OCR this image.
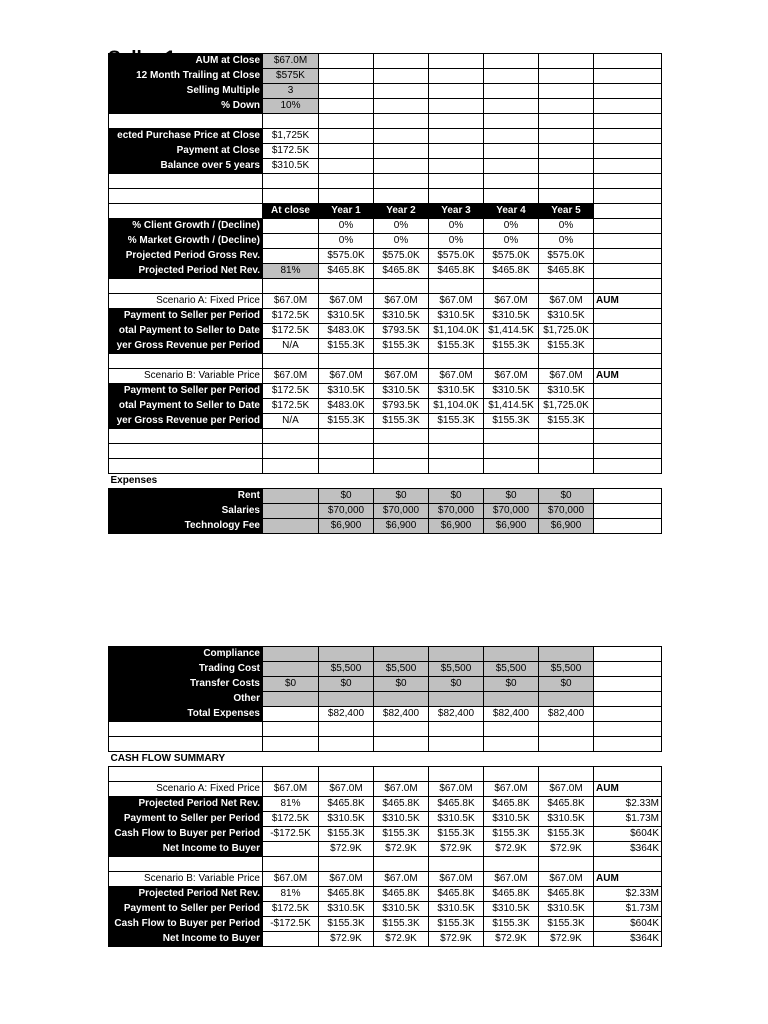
AUM at Close	$67.0M						
12 Month Trailing at Close	$575K						
Selling Multiple	3						
% Down	10%						

ected Purchase Price at Close	$1,725K						
Payment at Close	$172.5K						
Balance over 5 years	$310.5K						

	At close	Year 1	Year 2	Year 3	Year 4	Year 5	
% Client Growth / (Decline)		0%	0%	0%	0%	0%	
% Market Growth / (Decline)		0%	0%	0%	0%	0%	
Projected Period Gross Rev.		$575.0K	$575.0K	$575.0K	$575.0K	$575.0K	
Projected Period Net Rev.	81%	$465.8K	$465.8K	$465.8K	$465.8K	$465.8K	

Scenario A: Fixed Price	$67.0M	$67.0M	$67.0M	$67.0M	$67.0M	$67.0M	AUM
Payment to Seller per Period	$172.5K	$310.5K	$310.5K	$310.5K	$310.5K	$310.5K	
otal Payment to Seller to Date	$172.5K	$483.0K	$793.5K	$1,104.0K	$1,414.5K	$1,725.0K	
yer Gross Revenue per Period	N/A	$155.3K	$155.3K	$155.3K	$155.3K	$155.3K	

Scenario B: Variable Price	$67.0M	$67.0M	$67.0M	$67.0M	$67.0M	$67.0M	AUM
Payment to Seller per Period	$172.5K	$310.5K	$310.5K	$310.5K	$310.5K	$310.5K	
otal Payment to Seller to Date	$172.5K	$483.0K	$793.5K	$1,104.0K	$1,414.5K	$1,725.0K	
yer Gross Revenue per Period	N/A	$155.3K	$155.3K	$155.3K	$155.3K	$155.3K	

Expenses							
Rent		$0	$0	$0	$0	$0	
Salaries		$70,000	$70,000	$70,000	$70,000	$70,000	
Technology Fee		$6,900	$6,900	$6,900	$6,900	$6,900	
Compliance							
Trading Cost		$5,500	$5,500	$5,500	$5,500	$5,500	
Transfer Costs	$0	$0	$0	$0	$0	$0	
Other							
Total Expenses		$82,400	$82,400	$82,400	$82,400	$82,400	

CASH FLOW SUMMARY							

Scenario A: Fixed Price	$67.0M	$67.0M	$67.0M	$67.0M	$67.0M	$67.0M	AUM
Projected Period Net Rev.	81%	$465.8K	$465.8K	$465.8K	$465.8K	$465.8K	$2.33M
Payment to Seller per Period	$172.5K	$310.5K	$310.5K	$310.5K	$310.5K	$310.5K	$1.73M
Cash Flow to Buyer per Period	-$172.5K	$155.3K	$155.3K	$155.3K	$155.3K	$155.3K	$604K
Net Income to Buyer		$72.9K	$72.9K	$72.9K	$72.9K	$72.9K	$364K

Scenario B: Variable Price	$67.0M	$67.0M	$67.0M	$67.0M	$67.0M	$67.0M	AUM
Projected Period Net Rev.	81%	$465.8K	$465.8K	$465.8K	$465.8K	$465.8K	$2.33M
Payment to Seller per Period	$172.5K	$310.5K	$310.5K	$310.5K	$310.5K	$310.5K	$1.73M
Cash Flow to Buyer per Period	-$172.5K	$155.3K	$155.3K	$155.3K	$155.3K	$155.3K	$604K
Net Income to Buyer		$72.9K	$72.9K	$72.9K	$72.9K	$72.9K	$364K
